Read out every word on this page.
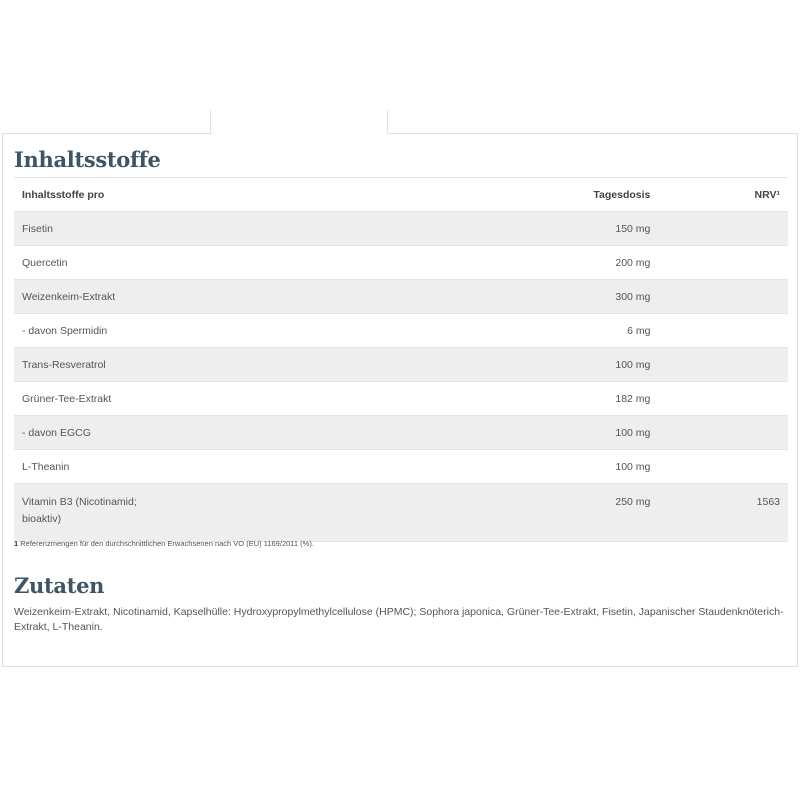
Inhaltsstoffe
Inhaltsstoffe pro	Tagesdosis	NRV¹
Fisetin	150 mg	
Quercetin	200 mg	
Weizenkeim-Extrakt	300 mg	
- davon Spermidin	6 mg	
Trans-Resveratrol	100 mg	
Grüner-Tee-Extrakt	182 mg	
- davon EGCG	100 mg	
L-Theanin	100 mg	
Vitamin B3 (Nicotinamid;
bioaktiv)	250 mg	1563
1 Referenzmengen für den durchschnittlichen Erwachsenen nach VO (EU) 1169/2011 (%).
Zutaten
Weizenkeim-Extrakt, Nicotinamid, Kapselhülle: Hydroxypropylmethylcellulose (HPMC); Sophora japonica, Grüner-Tee-Extrakt, Fisetin, Japanischer Staudenknöterich-Extrakt, L-Theanin.
